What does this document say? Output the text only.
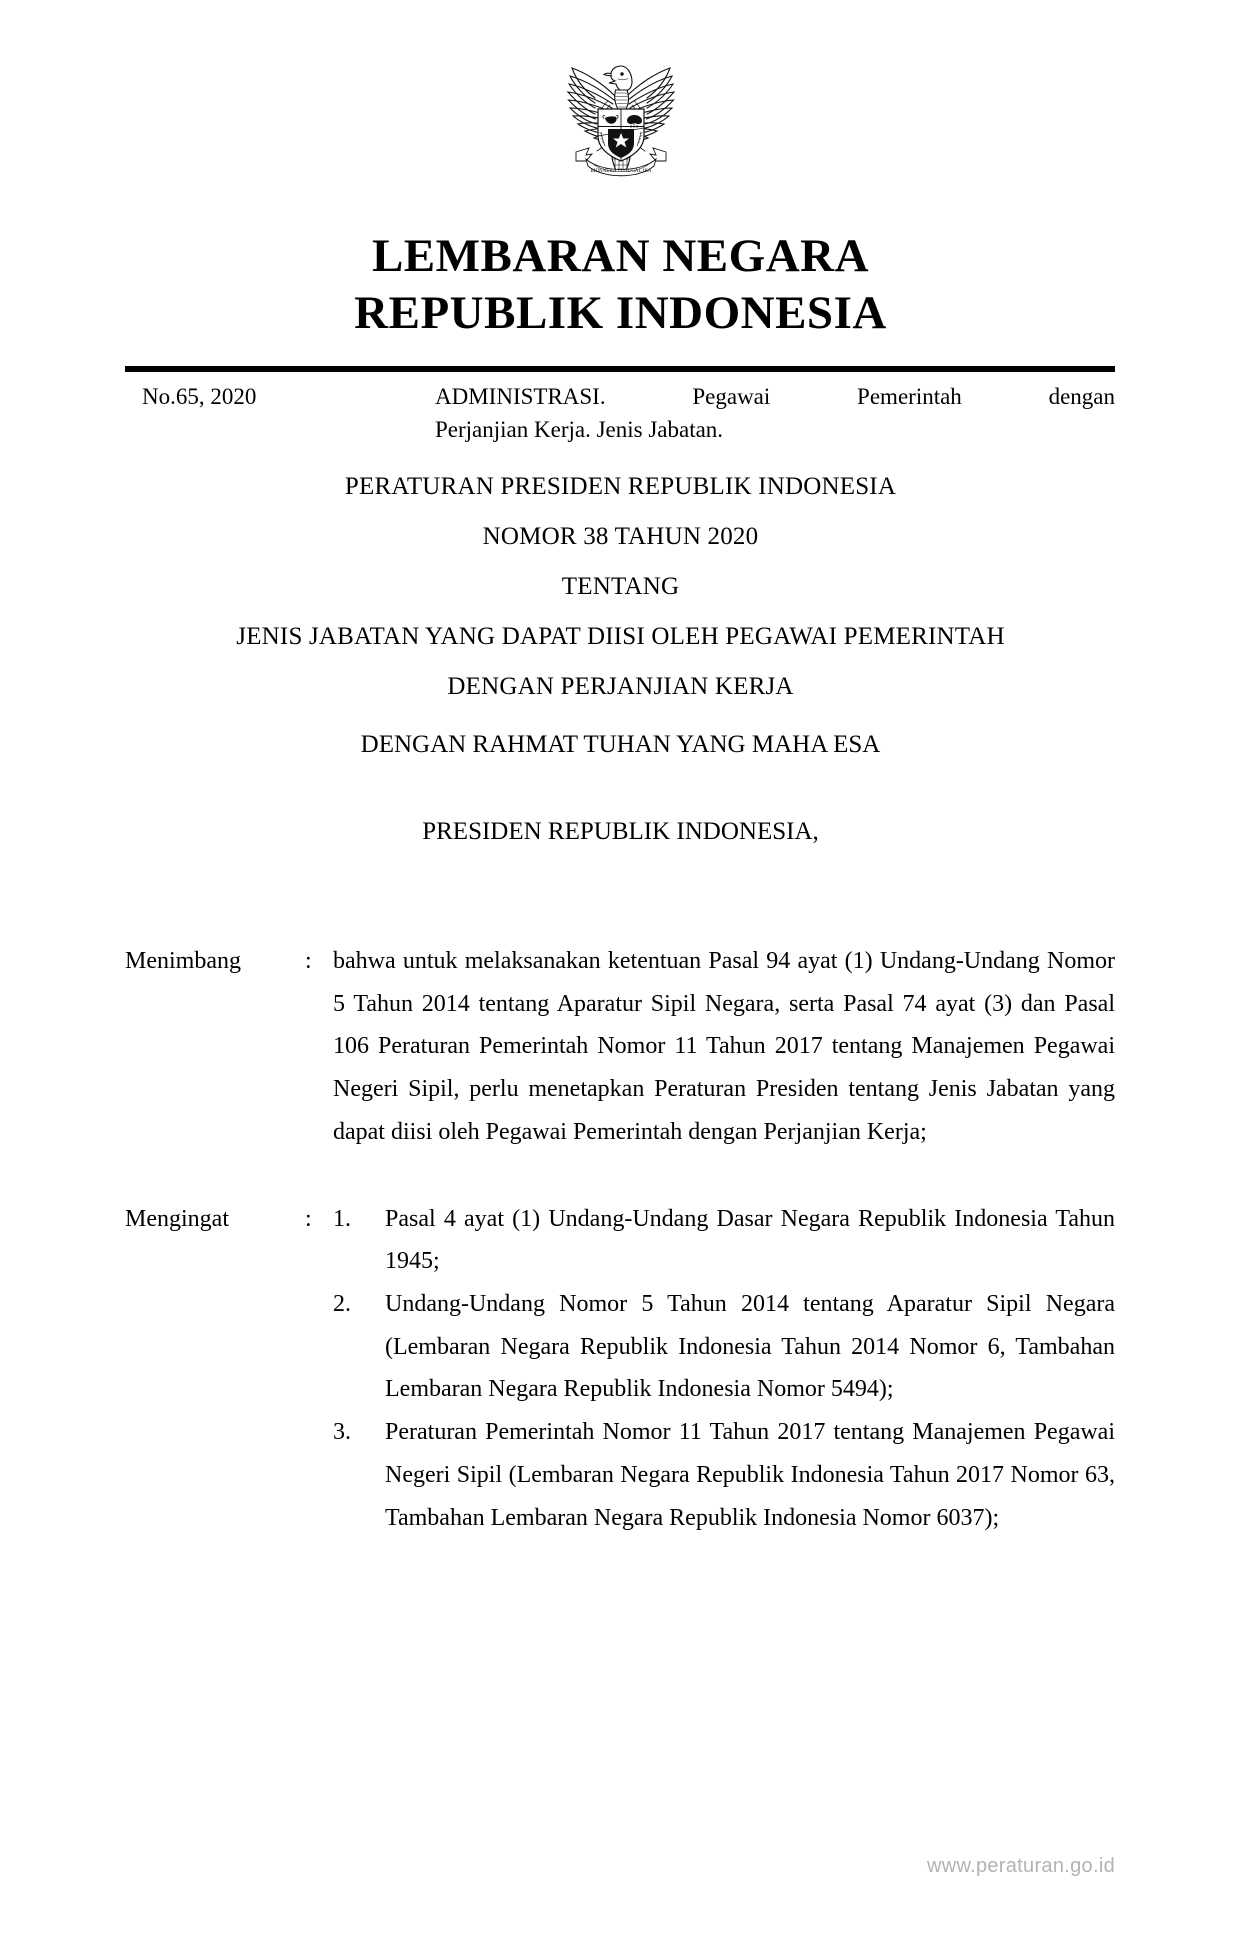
BHINNEKA TUNGGAL IKA
LEMBARAN NEGARA
REPUBLIK INDONESIA
No.65, 2020	ADMINISTRASI. Pegawai Pemerintah dengan
Perjanjian Kerja. Jenis Jabatan.
PERATURAN PRESIDEN REPUBLIK INDONESIA
NOMOR 38 TAHUN 2020
TENTANG
JENIS JABATAN YANG DAPAT DIISI OLEH PEGAWAI PEMERINTAH
DENGAN PERJANJIAN KERJA
DENGAN RAHMAT TUHAN YANG MAHA ESA
PRESIDEN REPUBLIK INDONESIA,
Menimbang	: bahwa untuk melaksanakan ketentuan Pasal 94 ayat (1) Undang-Undang Nomor 5 Tahun 2014 tentang Aparatur Sipil Negara, serta Pasal 74 ayat (3) dan Pasal 106 Peraturan Pemerintah Nomor 11 Tahun 2017 tentang Manajemen Pegawai Negeri Sipil, perlu menetapkan Peraturan Presiden tentang Jenis Jabatan yang dapat diisi oleh Pegawai Pemerintah dengan Perjanjian Kerja;

Mengingat	: 1.	Pasal 4 ayat (1) Undang-Undang Dasar Negara Republik Indonesia Tahun 1945;
2.	Undang-Undang Nomor 5 Tahun 2014 tentang Aparatur Sipil Negara (Lembaran Negara Republik Indonesia Tahun 2014 Nomor 6, Tambahan Lembaran Negara Republik Indonesia Nomor 5494);
3.	Peraturan Pemerintah Nomor 11 Tahun 2017 tentang Manajemen Pegawai Negeri Sipil (Lembaran Negara Republik Indonesia Tahun 2017 Nomor 63, Tambahan Lembaran Negara Republik Indonesia Nomor 6037);
www.peraturan.go.id
